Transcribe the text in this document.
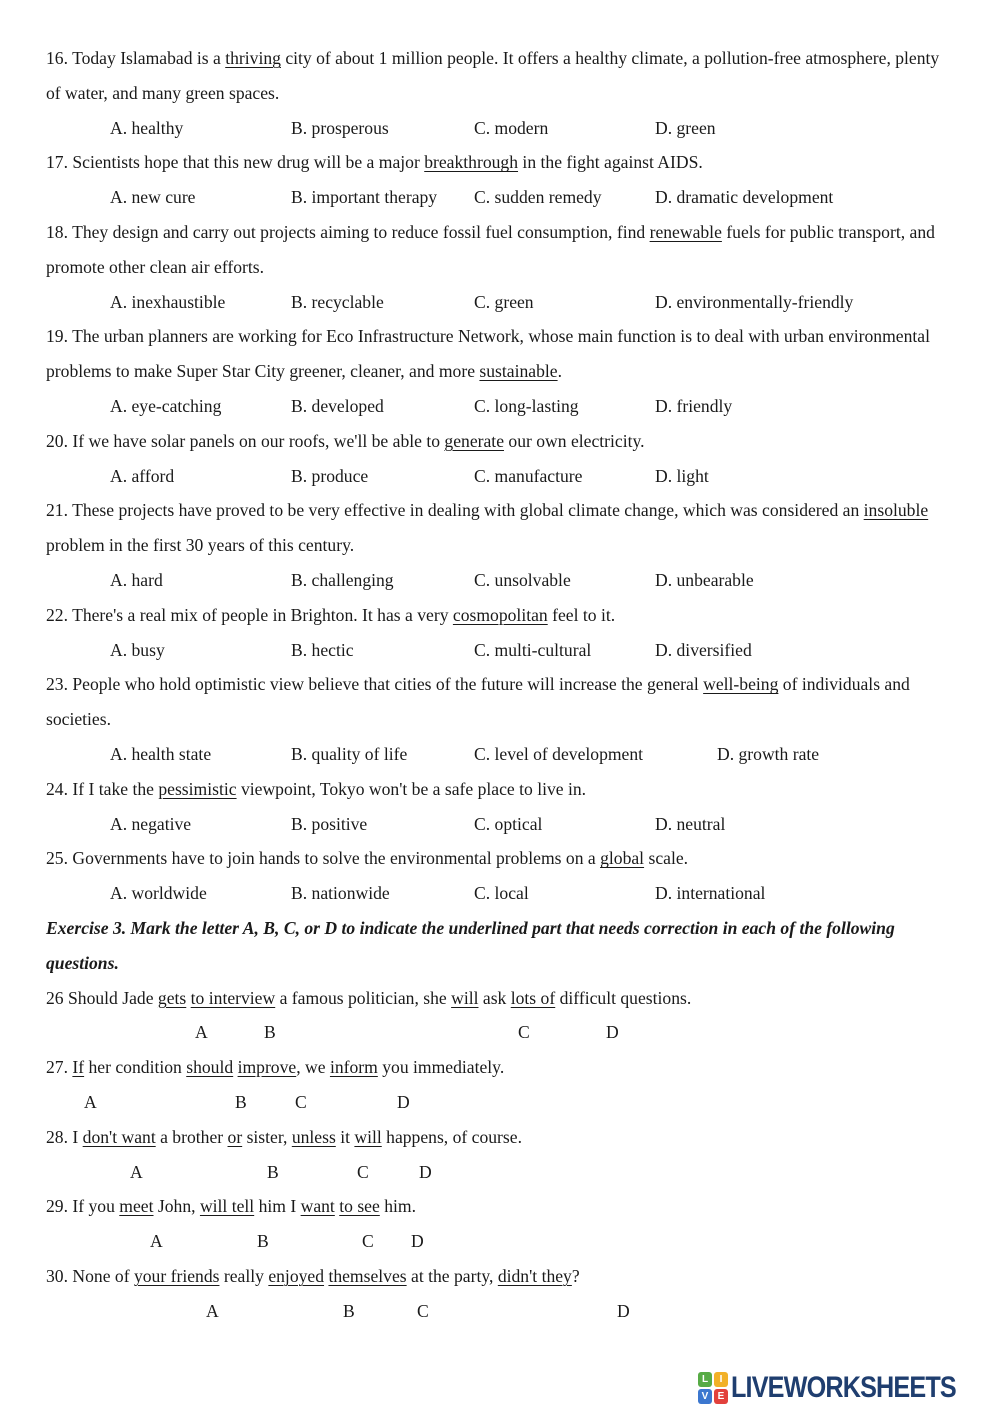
16. Today Islamabad is a thriving city of about 1 million people. It offers a healthy climate, a pollution-free atmosphere, plenty of water, and many green spaces.
A. healthy	B. prosperous	C. modern	D. green
17. Scientists hope that this new drug will be a major breakthrough in the fight against AIDS.
A. new cure	B. important therapy C. sudden remedy	D. dramatic development
18. They design and carry out projects aiming to reduce fossil fuel consumption, find renewable fuels for public transport, and promote other clean air efforts.
A. inexhaustible	B. recyclable	C. green	D. environmentally-friendly
19. The urban planners are working for Eco Infrastructure Network, whose main function is to deal with urban environmental problems to make Super Star City greener, cleaner, and more sustainable.
A. eye-catching	B. developed	C. long-lasting	D. friendly
20. If we have solar panels on our roofs, we'll be able to generate our own electricity.
A. afford	B. produce	C. manufacture	D. light
21. These projects have proved to be very effective in dealing with global climate change, which was considered an insoluble problem in the first 30 years of this century.
A. hard	B. challenging	C. unsolvable	D. unbearable
22. There's a real mix of people in Brighton. It has a very cosmopolitan feel to it.
A. busy	B. hectic	C. multi-cultural	D. diversified
23. People who hold optimistic view believe that cities of the future will increase the general well-being of individuals and societies.
A. health state	B. quality of life	C. level of development	D. growth rate
24. If I take the pessimistic viewpoint, Tokyo won't be a safe place to live in.
A. negative	B. positive	C. optical	D. neutral
25. Governments have to join hands to solve the environmental problems on a global scale.
A. worldwide	B. nationwide	C. local	D. international
Exercise 3. Mark the letter A, B, C, or D to indicate the underlined part that needs correction in each of the following questions.
26 Should Jade gets to interview a famous politician, she will ask lots of difficult questions.
A	B	C	D
27. If her condition should improve, we inform you immediately.
A	B	C	D
28. I don't want a brother or sister, unless it will happens, of course.
A	B	C	D
29. If you meet John, will tell him I want to see him.
A	B	C D
30. None of your friends really enjoyed themselves at the party, didn't they?
A	B	C	D
L	I
V E LIVEWORKSHEETS
